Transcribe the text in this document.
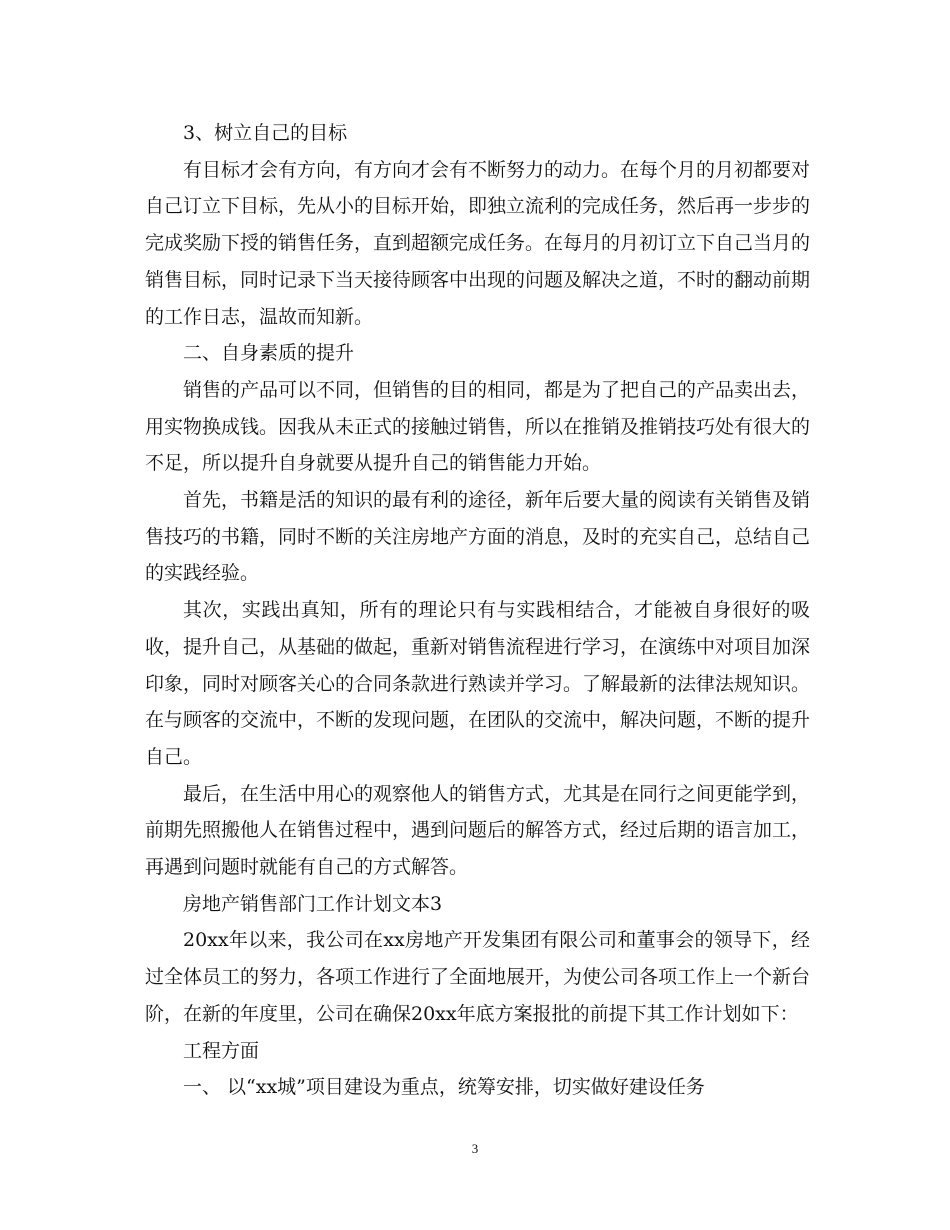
3、树立自己的目标

有目标才会有方向，有方向才会有不断努力的动力。在每个月的月初都要对自己订立下目标，先从小的目标开始，即独立流利的完成任务，然后再一步步的完成奖励下授的销售任务，直到超额完成任务。在每月的月初订立下自己当月的销售目标，同时记录下当天接待顾客中出现的问题及解决之道，不时的翻动前期的工作日志，温故而知新。

二、自身素质的提升

销售的产品可以不同，但销售的目的相同，都是为了把自己的产品卖出去，用实物换成钱。因我从未正式的接触过销售，所以在推销及推销技巧处有很大的不足，所以提升自身就要从提升自己的销售能力开始。

首先，书籍是活的知识的最有利的途径，新年后要大量的阅读有关销售及销售技巧的书籍，同时不断的关注房地产方面的消息，及时的充实自己，总结自己的实践经验。

其次，实践出真知，所有的理论只有与实践相结合，才能被自身很好的吸收，提升自己，从基础的做起，重新对销售流程进行学习，在演练中对项目加深印象，同时对顾客关心的合同条款进行熟读并学习。了解最新的法律法规知识。在与顾客的交流中，不断的发现问题，在团队的交流中，解决问题，不断的提升自己。

最后，在生活中用心的观察他人的销售方式，尤其是在同行之间更能学到，前期先照搬他人在销售过程中，遇到问题后的解答方式，经过后期的语言加工，再遇到问题时就能有自己的方式解答。

房地产销售部门工作计划文本3

20xx年以来，我公司在xx房地产开发集团有限公司和董事会的领导下，经过全体员工的努力，各项工作进行了全面地展开，为使公司各项工作上一个新台阶，在新的年度里，公司在确保20xx年底方案报批的前提下其工作计划如下：

工程方面

一、 以“xx城”项目建设为重点，统筹安排，切实做好建设任务

3
